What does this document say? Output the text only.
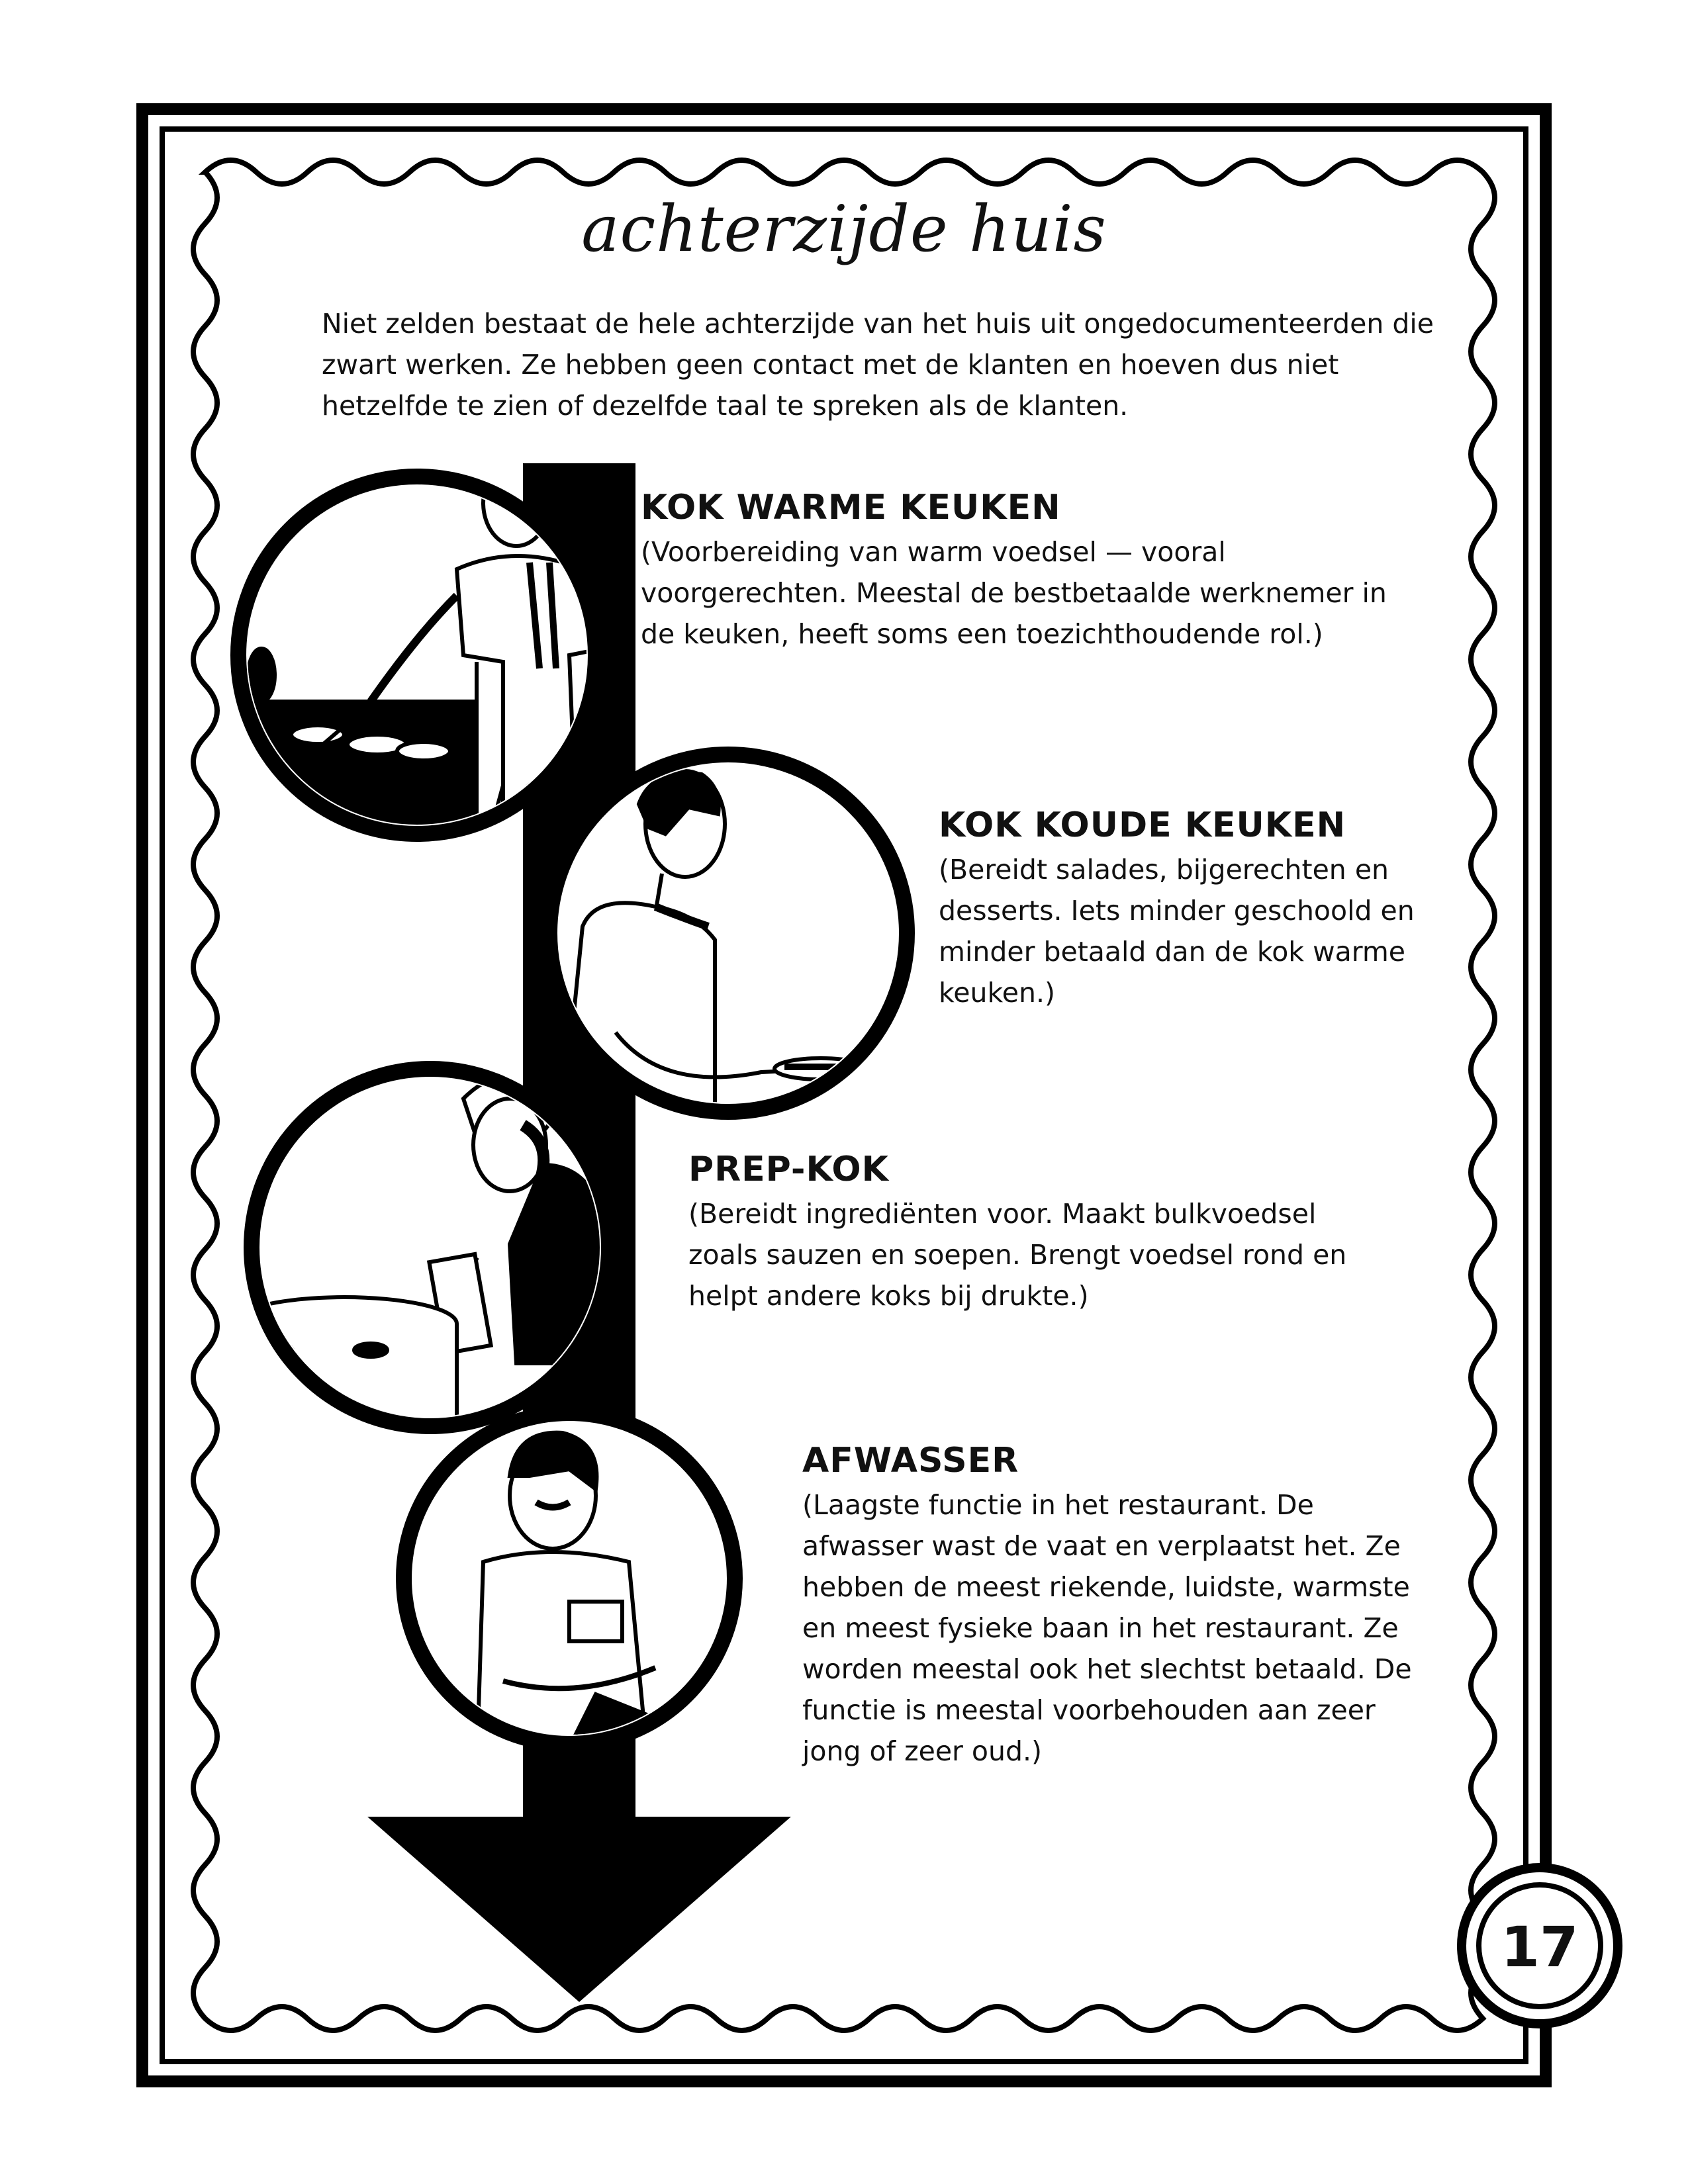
achterzijde huis
Niet zelden bestaat de hele achterzijde van het huis uit ongedocumenteerden die zwart werken. Ze hebben geen contact met de klanten en hoeven dus niet hetzelfde te zien of dezelfde taal te spreken als de klanten.
KOK WARME KEUKEN

(Voorbereiding van warm voedsel — vooral voorgerechten. Meestal de bestbetaalde werknemer in de keuken, heeft soms een toezichthoudende rol.)

KOK KOUDE KEUKEN

(Bereidt salades, bijgerechten en desserts. Iets minder geschoold en minder betaald dan de kok warme keuken.)

PREP-KOK

(Bereidt ingrediënten voor. Maakt bulkvoedsel zoals sauzen en soepen. Brengt voedsel rond en helpt andere koks bij drukte.)

AFWASSER

(Laagste functie in het restaurant. De afwasser wast de vaat en verplaatst het. Ze hebben de meest riekende, luidste, warmste en meest fysieke baan in het restaurant. Ze worden meestal ook het slechtst betaald. De functie is meestal voorbehouden aan zeer jong of zeer oud.)

17
